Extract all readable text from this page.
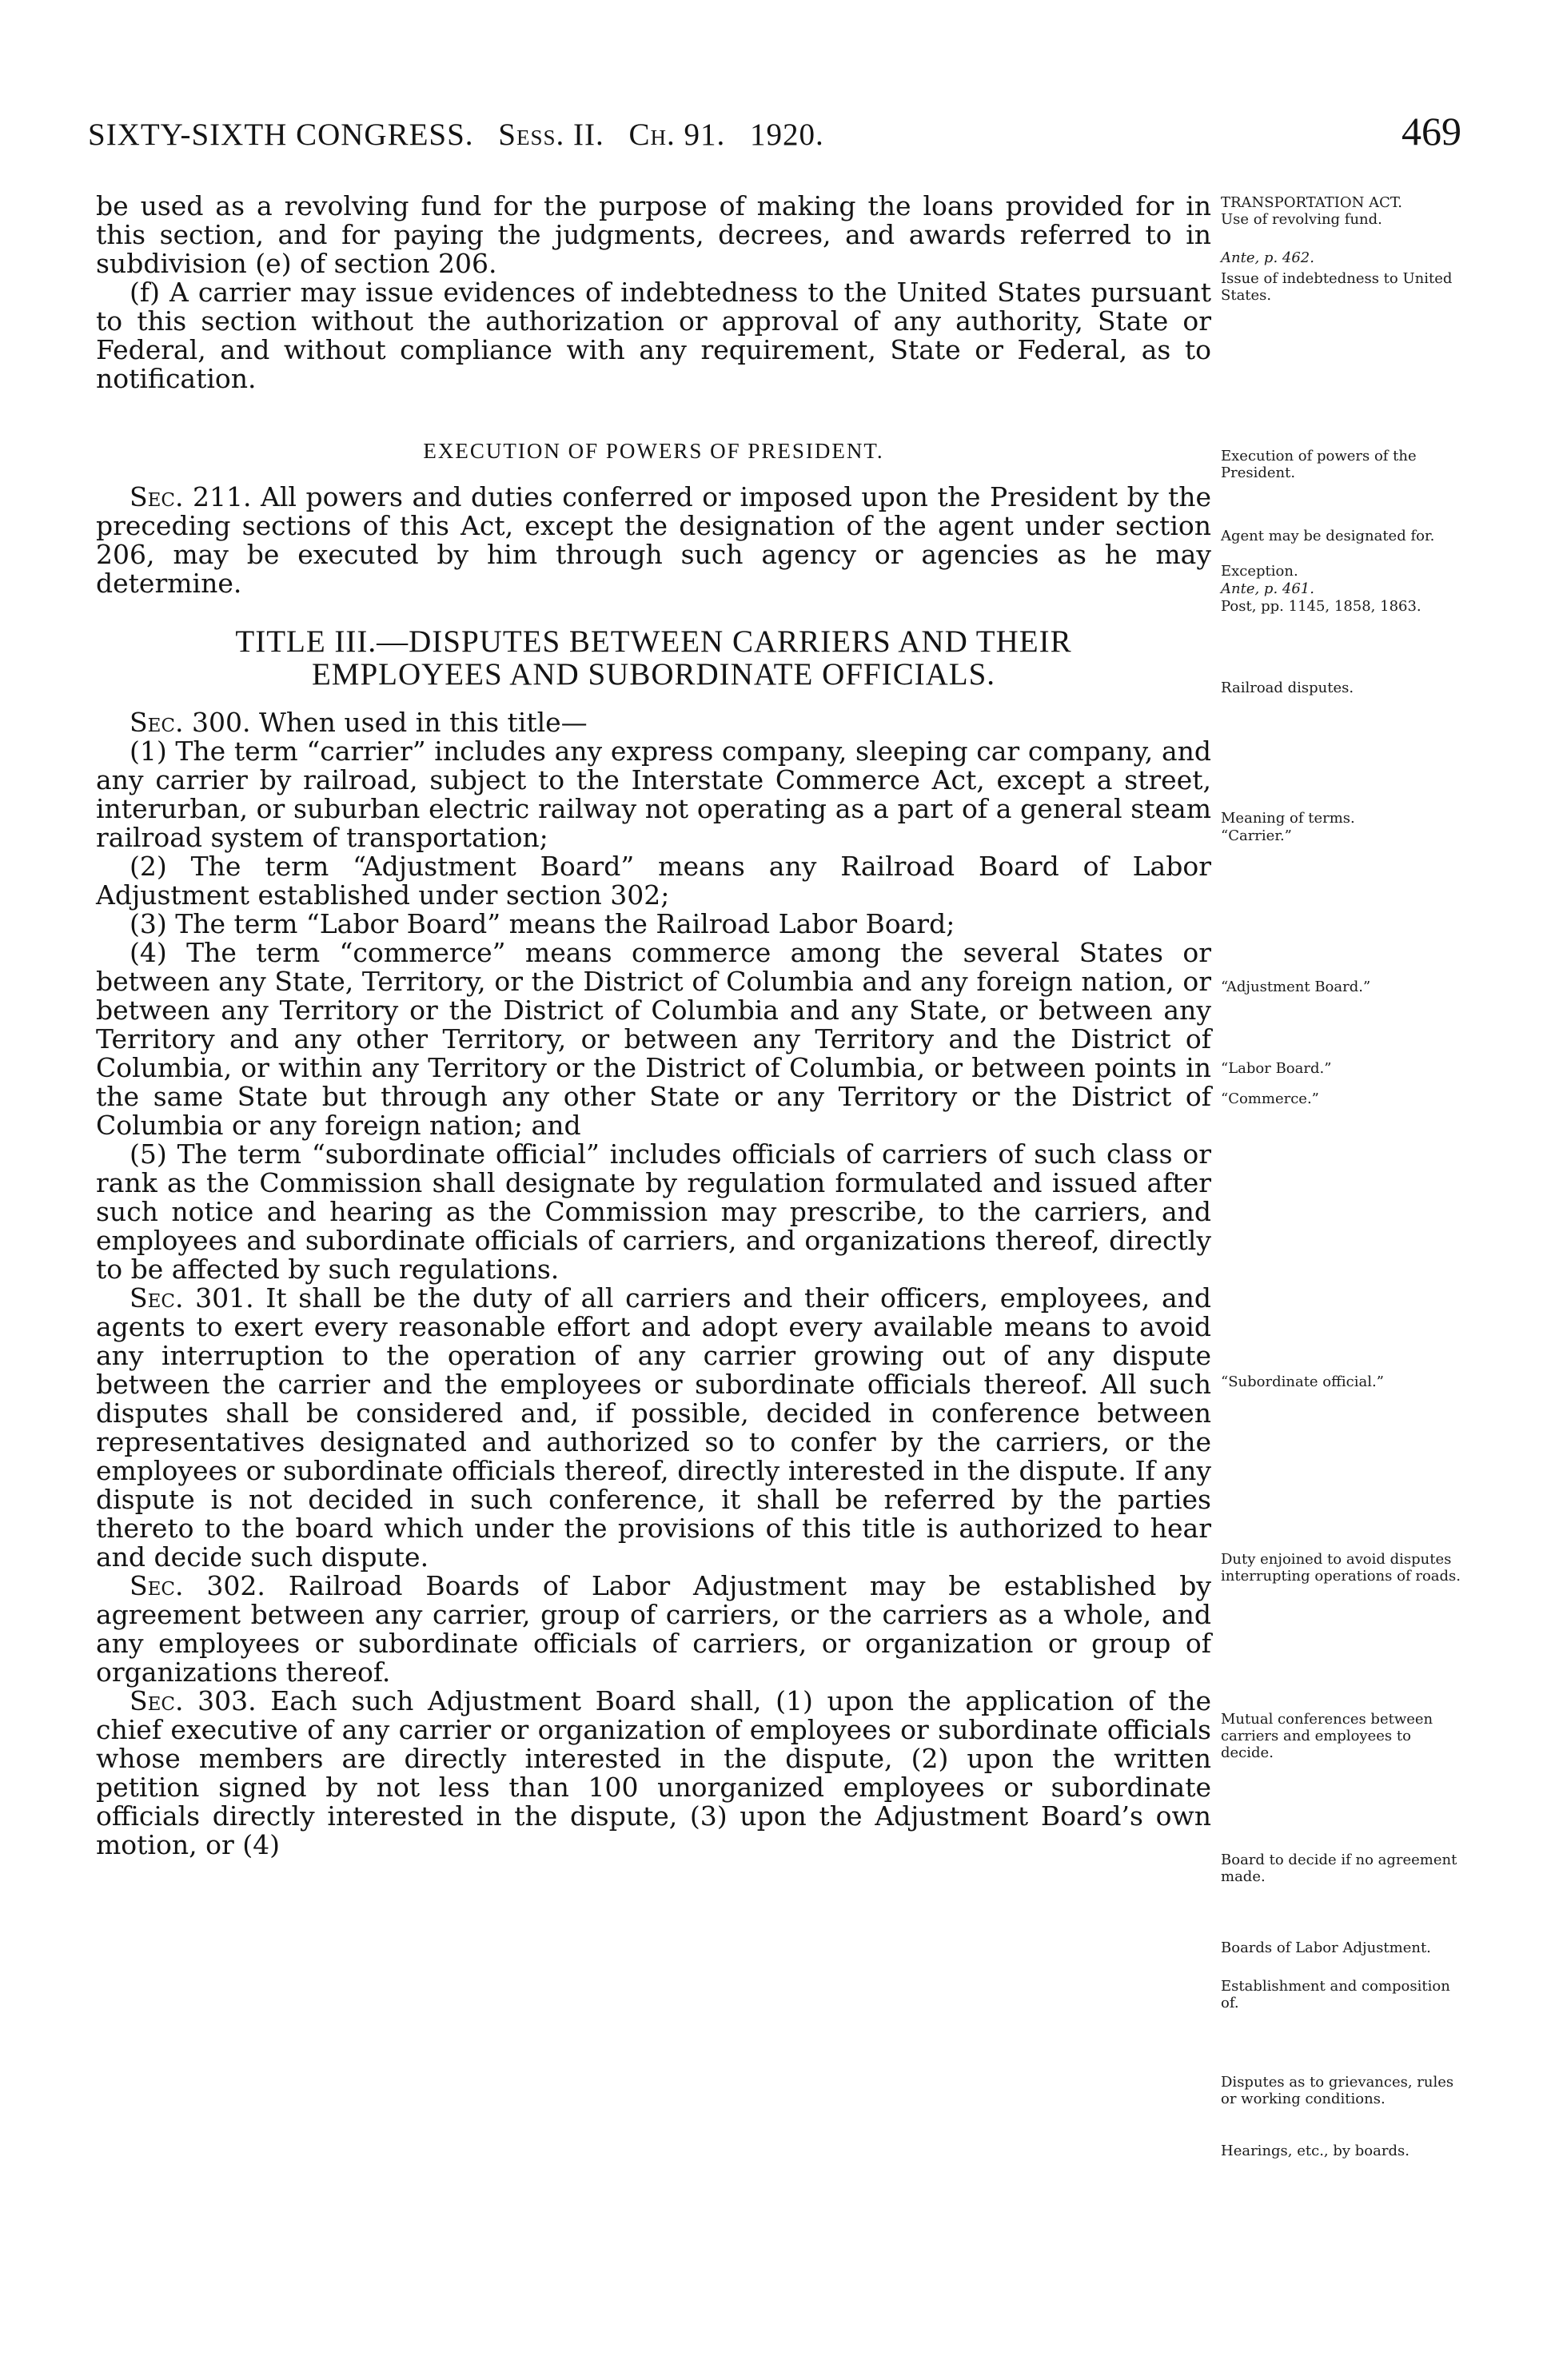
SIXTY-SIXTH CONGRESS. Sess. II. Ch. 91. 1920.	469

be used as a revolving fund for the purpose of making the loans provided for in this section, and for paying the judgments, decrees, and awards referred to in subdivision (e) of section 206.

(f) A carrier may issue evidences of indebtedness to the United States pursuant to this section without the authorization or approval of any authority, State or Federal, and without compliance with any requirement, State or Federal, as to notification.

EXECUTION OF POWERS OF PRESIDENT.

Sec. 211. All powers and duties conferred or imposed upon the President by the preceding sections of this Act, except the designation of the agent under section 206, may be executed by him through such agency or agencies as he may determine.

TITLE III.—DISPUTES BETWEEN CARRIERS AND THEIR
EMPLOYEES AND SUBORDINATE OFFICIALS.

Sec. 300. When used in this title—

(1) The term “carrier” includes any express company, sleeping car company, and any carrier by railroad, subject to the Interstate Commerce Act, except a street, interurban, or suburban electric railway not operating as a part of a general steam railroad system of transportation;

(2) The term “Adjustment Board” means any Railroad Board of Labor Adjustment established under section 302;

(3) The term “Labor Board” means the Railroad Labor Board;

(4) The term “commerce” means commerce among the several States or between any State, Territory, or the District of Columbia and any foreign nation, or between any Territory or the District of Columbia and any State, or between any Territory and any other Territory, or between any Territory and the District of Columbia, or within any Territory or the District of Columbia, or between points in the same State but through any other State or any Territory or the District of Columbia or any foreign nation; and

(5) The term “subordinate official” includes officials of carriers of such class or rank as the Commission shall designate by regulation formulated and issued after such notice and hearing as the Commission may prescribe, to the carriers, and employees and subordinate officials of carriers, and organizations thereof, directly to be affected by such regulations.

Sec. 301. It shall be the duty of all carriers and their officers, employees, and agents to exert every reasonable effort and adopt every available means to avoid any interruption to the operation of any carrier growing out of any dispute between the carrier and the employees or subordinate officials thereof. All such disputes shall be considered and, if possible, decided in conference between representatives designated and authorized so to confer by the carriers, or the employees or subordinate officials thereof, directly interested in the dispute. If any dispute is not decided in such conference, it shall be referred by the parties thereto to the board which under the provisions of this title is authorized to hear and decide such dispute.

Sec. 302. Railroad Boards of Labor Adjustment may be established by agreement between any carrier, group of carriers, or the carriers as a whole, and any employees or subordinate officials of carriers, or organization or group of organizations thereof.

Sec. 303. Each such Adjustment Board shall, (1) upon the application of the chief executive of any carrier or organization of employees or subordinate officials whose members are directly interested in the dispute, (2) upon the written petition signed by not less than 100 unorganized employees or subordinate officials directly interested in the dispute, (3) upon the Adjustment Board’s own motion, or (4)

TRANSPORTATION ACT.
Use of revolving fund.
Ante, p. 462.
Issue of indebtedness to United States.
Execution of powers of the President.
Agent may be designated for.
Exception.
Ante, p. 461.
Post, pp. 1145, 1858, 1863.
Railroad disputes.
Meaning of terms.
“Carrier.”
“Adjustment Board.”
“Labor Board.”
“Commerce.”
“Subordinate official.”
Duty enjoined to avoid disputes interrupting operations of roads.
Mutual conferences between carriers and employees to decide.
Board to decide if no agreement made.
Boards of Labor Adjustment.
Establishment and composition of.
Disputes as to grievances, rules or working conditions.
Hearings, etc., by boards.
